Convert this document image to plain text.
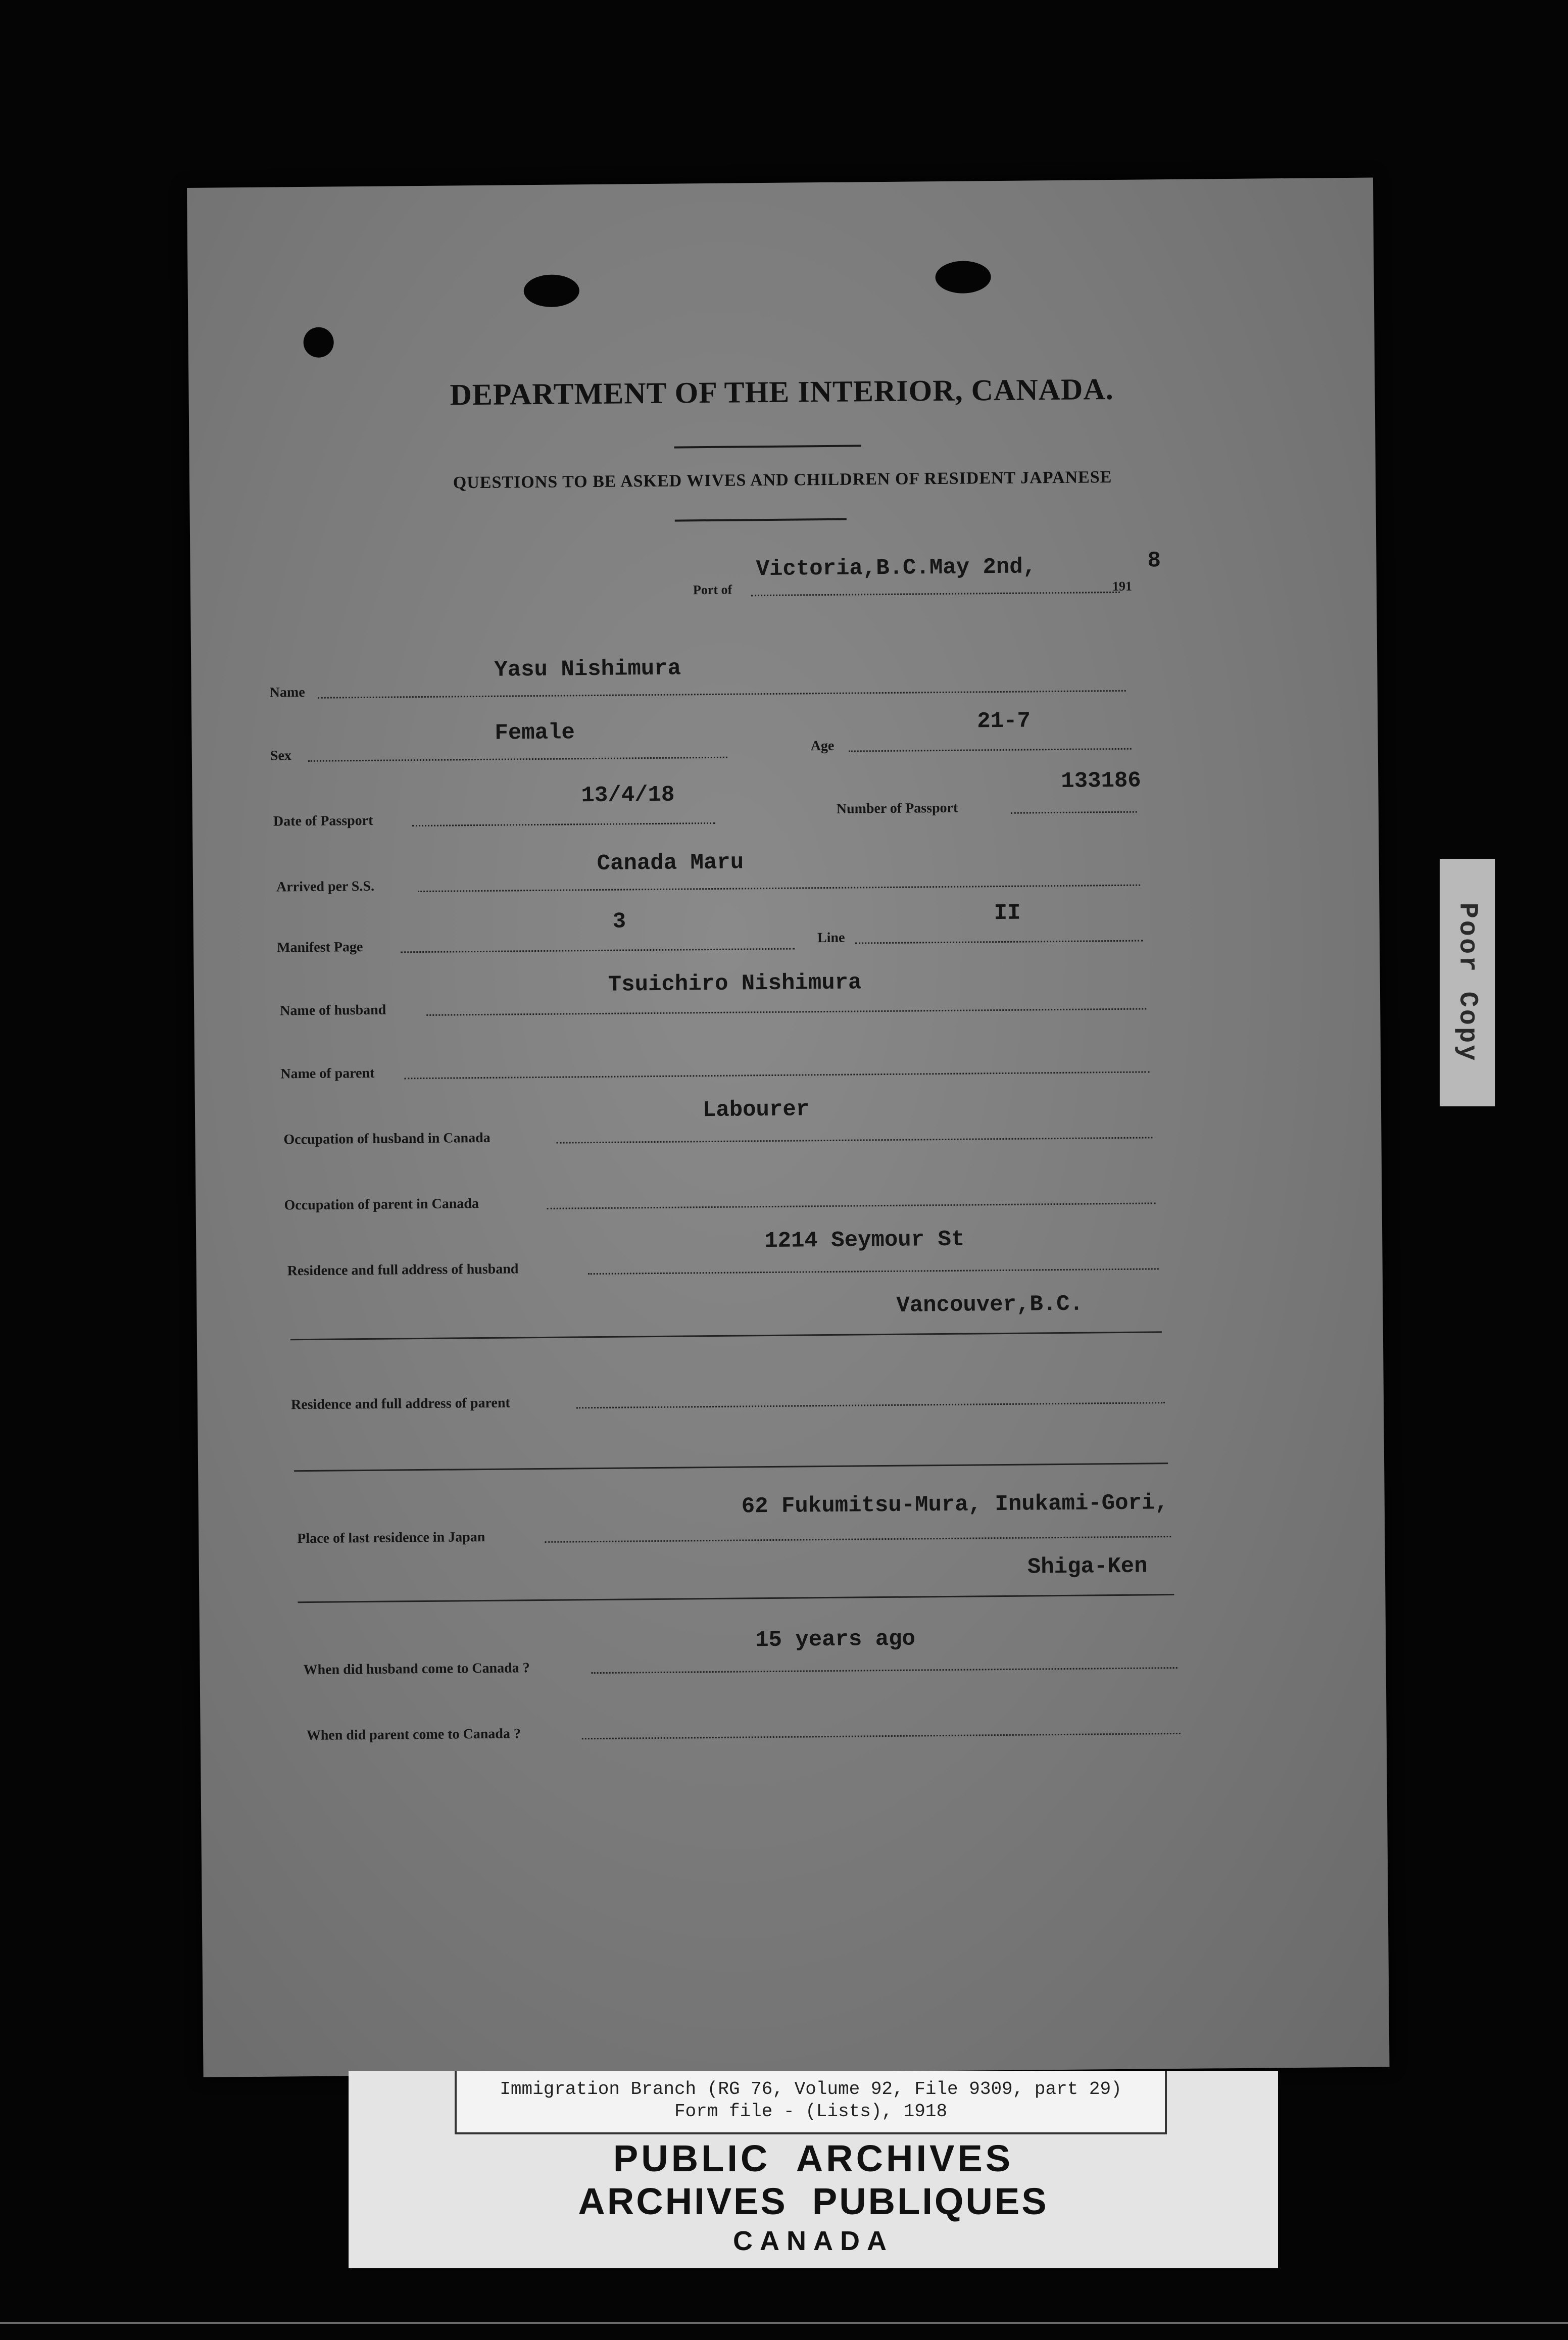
DEPARTMENT OF THE INTERIOR, CANADA.
QUESTIONS TO BE ASKED WIVES AND CHILDREN OF RESIDENT JAPANESE
Port of
Victoria,B.C.May 2nd,
191
8
Name
Yasu Nishimura
Sex
Female	Age
21-7
Date of Passport
13/4/18
Number of Passport
133186
Arrived per S.S.
Canada Maru
Manifest Page
3
Line
II
Name of husband
Tsuichiro Nishimura
Name of parent
Occupation of husband in Canada
Labourer
Occupation of parent in Canada
Residence and full address of husband
1214 Seymour St
Vancouver,B.C.
Residence and full address of parent
Place of last residence in Japan
62 Fukumitsu-Mura, Inukami-Gori,
Shiga-Ken
When did husband come to Canada ?
15 years ago
When did parent come to Canada ?
Poor Copy
Immigration Branch (RG 76, Volume 92, File 9309, part 29)
Form file - (Lists), 1918
PUBLIC  ARCHIVES
ARCHIVES  PUBLIQUES
CANADA
